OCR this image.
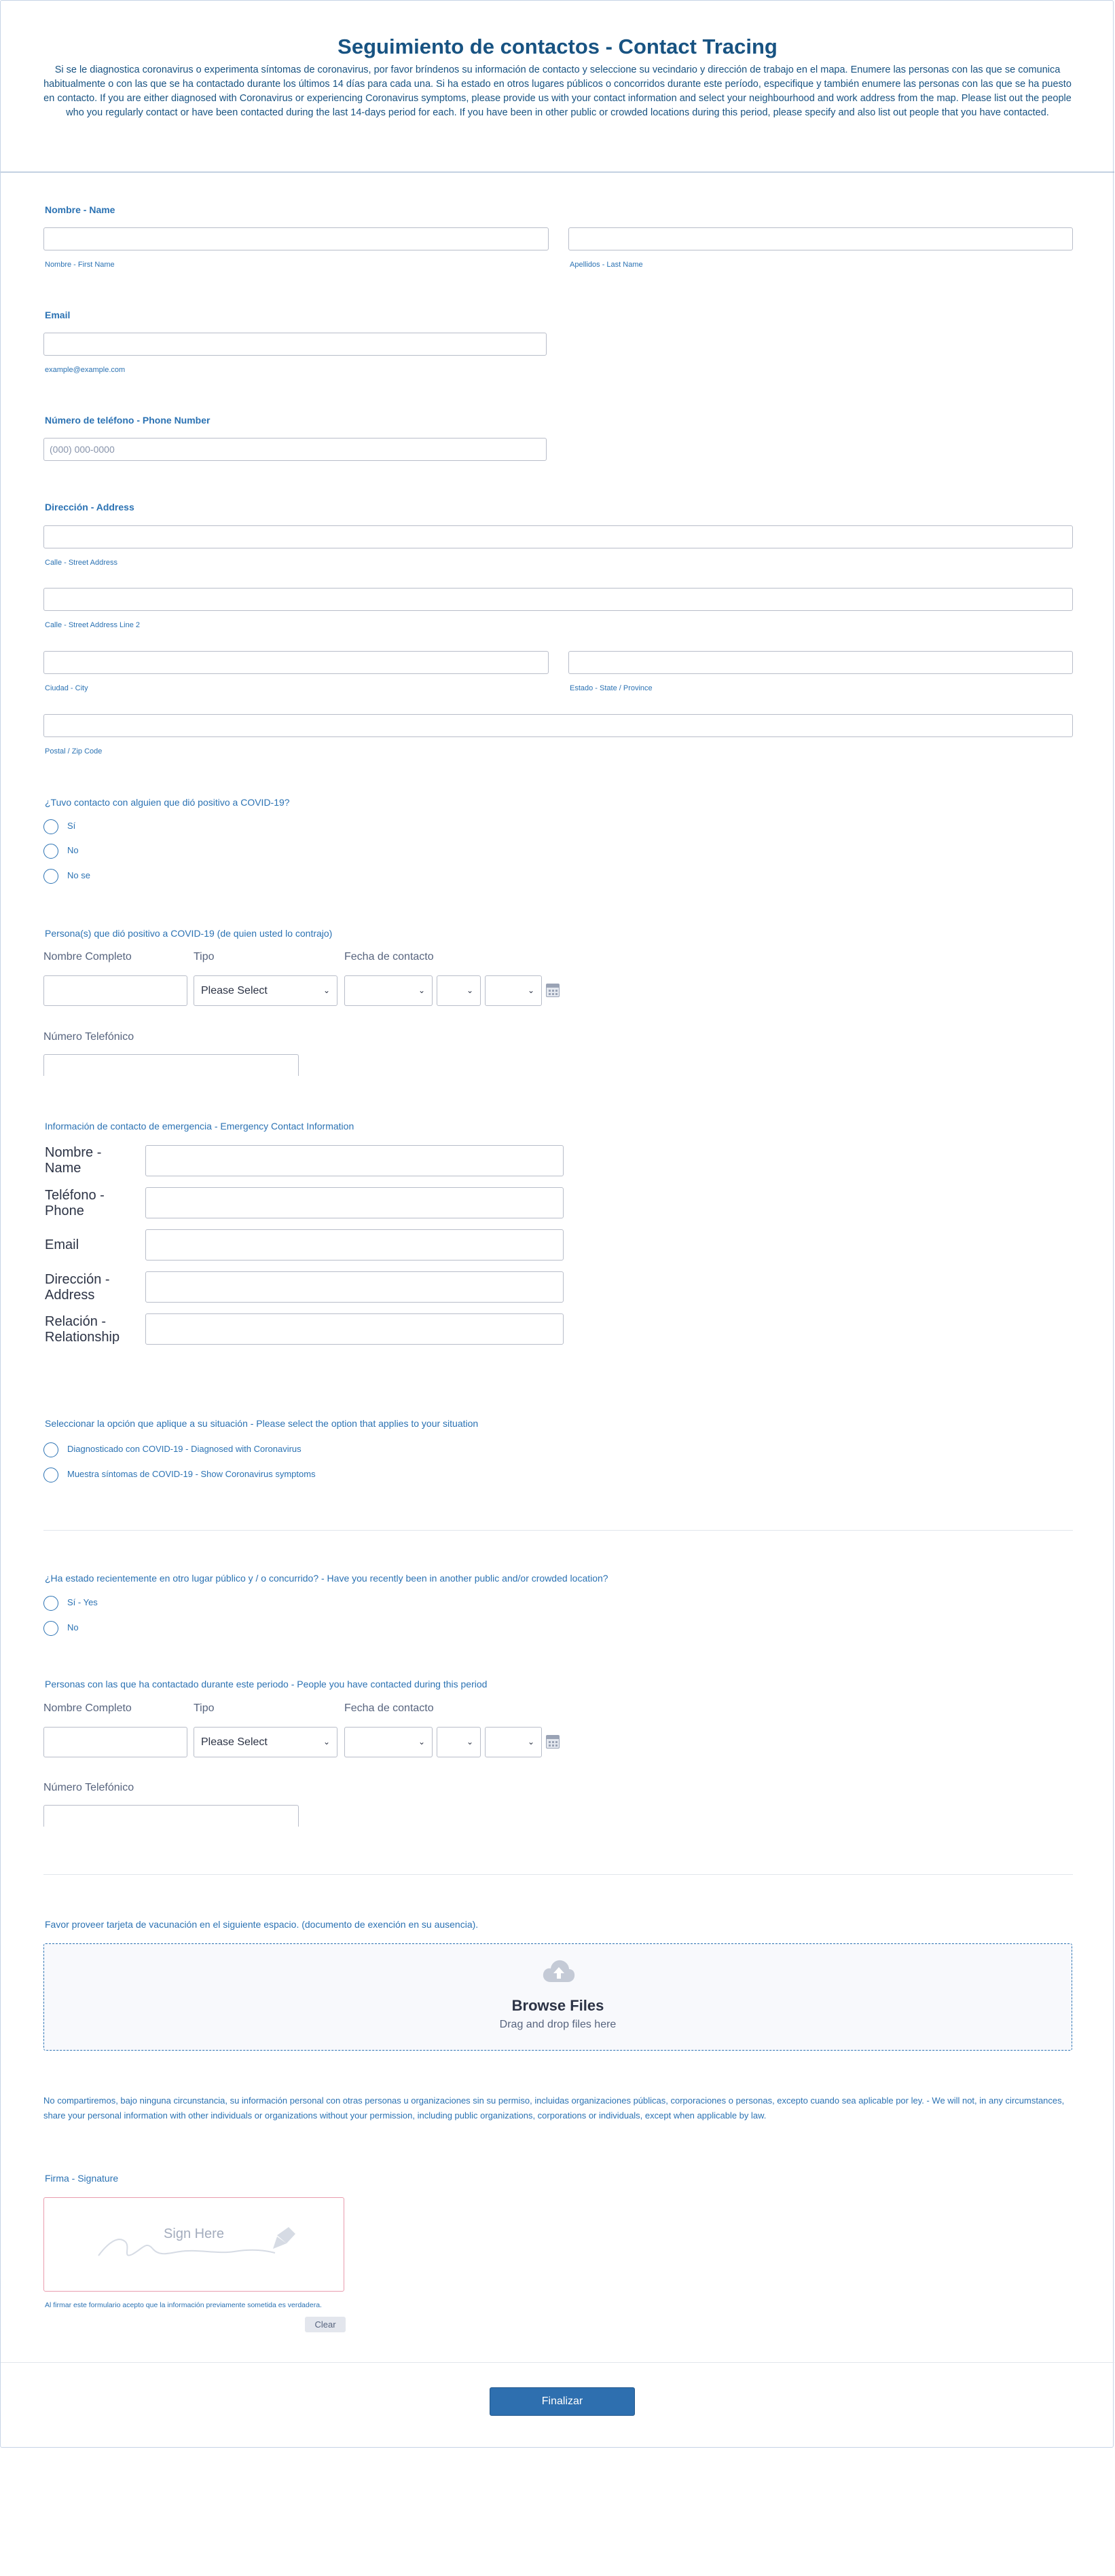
Seguimiento de contactos - Contact Tracing

Si se le diagnostica coronavirus o experimenta síntomas de coronavirus, por favor bríndenos su información de contacto y seleccione su vecindario y dirección de trabajo en el mapa. Enumere las personas con las que se comunica habitualmente o con las que se ha contactado durante los últimos 14 días para cada una. Si ha estado en otros lugares públicos o concorridos durante este período, especifique y también enumere las personas con las que se ha puesto en contacto. If you are either diagnosed with Coronavirus or experiencing Coronavirus symptoms, please provide us with your contact information and select your neighbourhood and work address from the map. Please list out the people who you regularly contact or have been contacted during the last 14-days period for each. If you have been in other public or crowded locations during this period, please specify and also list out people that you have contacted.

Nombre - Name
Nombre - First Name	Apellidos - Last Name
Email
example@example.com
Número de teléfono - Phone Number
(000) 000-0000
Dirección - Address
Calle - Street Address
Calle - Street Address Line 2
Ciudad - City	Estado - State / Province
Postal / Zip Code
¿Tuvo contacto con alguien que dió positivo a COVID-19?
Sí
No
No se
Persona(s) que dió positivo a COVID-19 (de quien usted lo contrajo)
Nombre Completo	Tipo	Fecha de contacto
Please Select	⌄	⌄	⌄	⌄
Número Telefónico
Información de contacto de emergencia - Emergency Contact Information
Nombre - Name
Teléfono - Phone
Email
Dirección - Address
Relación - Relationship
Seleccionar la opción que aplique a su situación - Please select the option that applies to your situation
Diagnosticado con COVID-19 - Diagnosed with Coronavirus
Muestra síntomas de COVID-19 - Show Coronavirus symptoms
¿Ha estado recientemente en otro lugar público y / o concurrido? - Have you recently been in another public and/or crowded location?
Sí - Yes
No
Personas con las que ha contactado durante este periodo - People you have contacted during this period
Nombre Completo	Tipo	Fecha de contacto
Please Select	⌄	⌄	⌄	⌄
Número Telefónico
Favor proveer tarjeta de vacunación en el siguiente espacio. (documento de exención en su ausencia).
Browse Files
Drag and drop files here
No compartiremos, bajo ninguna circunstancia, su información personal con otras personas u organizaciones sin su permiso, incluidas organizaciones públicas, corporaciones o personas, excepto cuando sea aplicable por ley. - We will not, in any circumstances, share your personal information with other individuals or organizations without your permission, including public organizations, corporations or individuals, except when applicable by law.
Firma - Signature
Sign Here
Al firmar este formulario acepto que la información previamente sometida es verdadera.
Clear
Finalizar
